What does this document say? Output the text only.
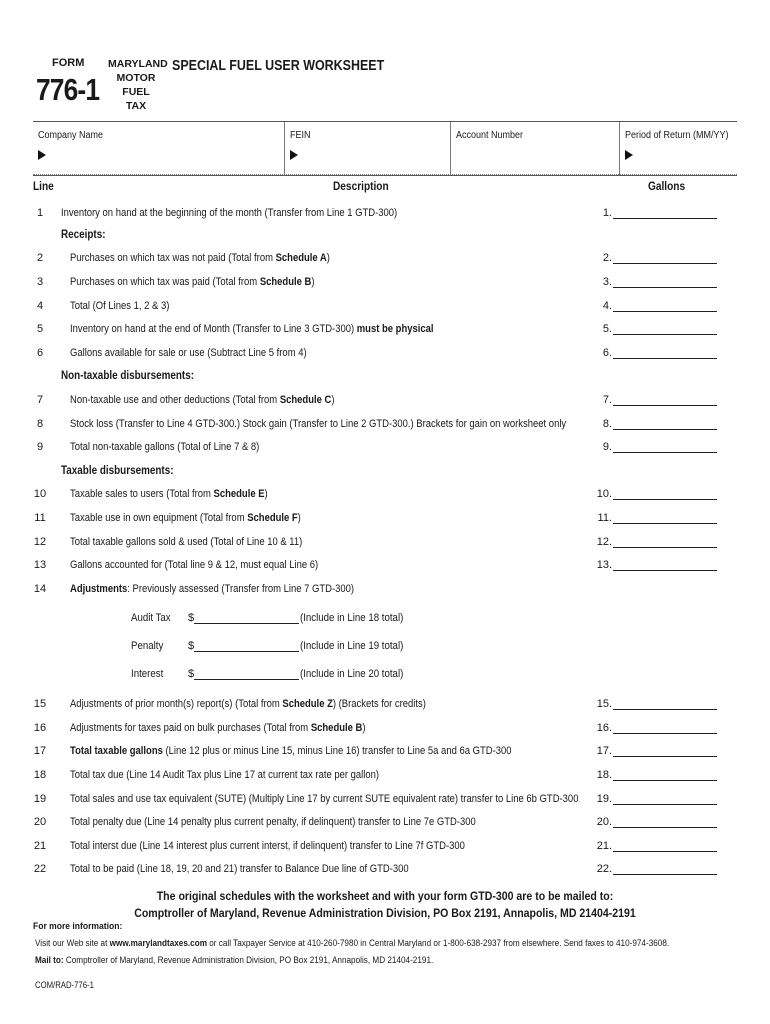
FORM
776-1
MARYLAND
MOTOR FUEL
TAX
SPECIAL FUEL USER WORKSHEET
Company Name	FEIN	Account Number	Period of Return (MM/YY)
Line	Description	Gallons
Receipts:
Non-taxable disbursements:
Taxable disbursements:
1	Inventory on hand at the beginning of the month (Transfer from Line 1 GTD-300)	1.
2	Purchases on which tax was not paid (Total from Schedule A)	2.
3	Purchases on which tax was paid (Total from Schedule B)	3.
4	Total (Of Lines 1, 2 & 3)	4.
5	Inventory on hand at the end of Month (Transfer to Line 3 GTD-300) must be physical	5.
6	Gallons available for sale or use (Subtract Line 5 from 4)	6.
7	Non-taxable use and other deductions (Total from Schedule C)	7.
8	Stock loss (Transfer to Line 4 GTD-300.) Stock gain (Transfer to Line 2 GTD-300.) Brackets for gain on worksheet only	8.
9	Total non-taxable gallons (Total of Line 7 & 8)	9.
10 Taxable sales to users (Total from Schedule E)	10.
11 Taxable use in own equipment (Total from Schedule F)	11.
12 Total taxable gallons sold & used (Total of Line 10 & 11)	12.
13 Gallons accounted for (Total line 9 & 12, must equal Line 6)	13.
14 Adjustments: Previously assessed (Transfer from Line 7 GTD-300)
15 Adjustments of prior month(s) report(s) (Total from Schedule Z) (Brackets for credits)	15.
16 Adjustments for taxes paid on bulk purchases (Total from Schedule B)	16.
17 Total taxable gallons (Line 12 plus or minus Line 15, minus Line 16) transfer to Line 5a and 6a GTD-300	17.
18 Total tax due (Line 14 Audit Tax plus Line 17 at current tax rate per gallon)	18.
19 Total sales and use tax equivalent (SUTE) (Multiply Line 17 by current SUTE equivalent rate) transfer to Line 6b GTD-300	19.
20 Total penalty due (Line 14 penalty plus current penalty, if delinquent) transfer to Line 7e GTD-300	20.
21 Total interst due (Line 14 interest plus current interst, if delinquent) transfer to Line 7f GTD-300	21.
22 Total to be paid (Line 18, 19, 20 and 21) transfer to Balance Due line of GTD-300	22.
Audit Tax $	(Include in Line 18 total)
Penalty $	(Include in Line 19 total)
Interest $	(Include in Line 20 total)
The original schedules with the worksheet and with your form GTD-300 are to be mailed to:
Comptroller of Maryland, Revenue Administration Division, PO Box 2191, Annapolis, MD 21404-2191
For more information:
Visit our Web site at www.marylandtaxes.com or call Taxpayer Service at 410-260-7980 in Central Maryland or 1-800-638-2937 from elsewhere. Send faxes to 410-974-3608.
Mail to: Comptroller of Maryland, Revenue Administration Division, PO Box 2191, Annapolis, MD 21404-2191.
COM/RAD-776-1
